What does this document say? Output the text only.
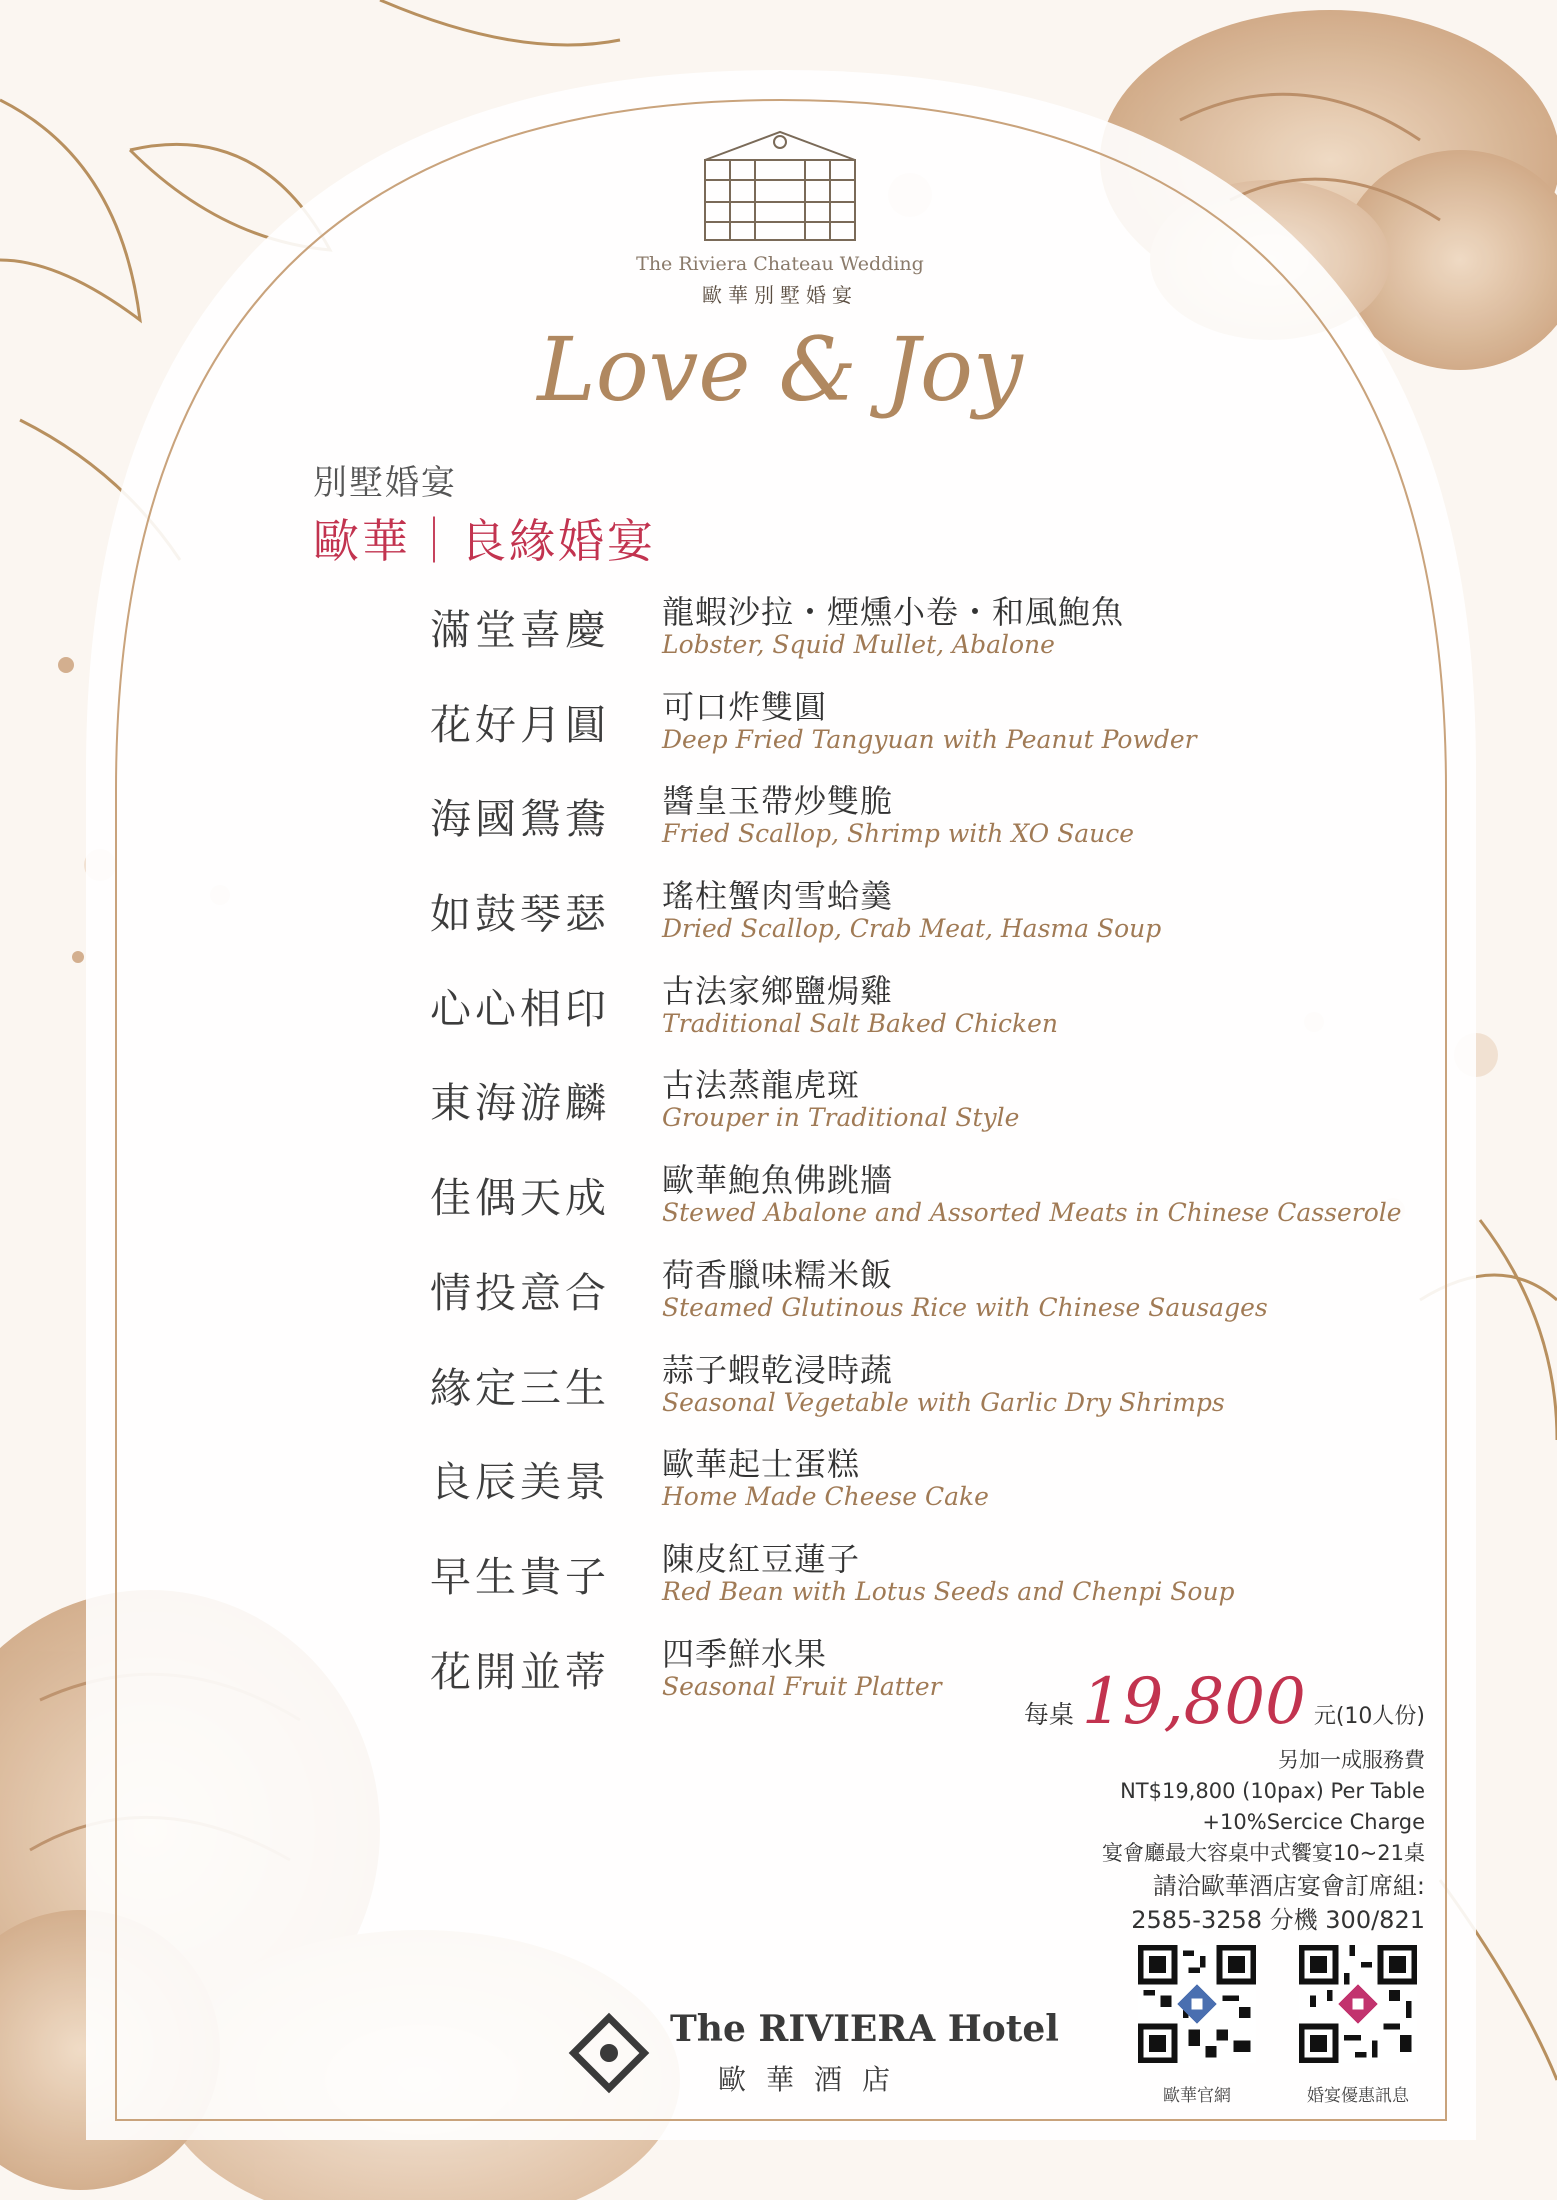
The Riviera Chateau Wedding
歐華別墅婚宴
Love & Joy
別墅婚宴
歐華｜良緣婚宴
滿堂喜慶 龍蝦沙拉・煙燻小卷・和風鮑魚
Lobster, Squid Mullet, Abalone
花好月圓 可口炸雙圓
Deep Fried Tangyuan with Peanut Powder
海國鴛鴦 醬皇玉帶炒雙脆
Fried Scallop, Shrimp with XO Sauce
如鼓琴瑟 瑤柱蟹肉雪蛤羹
Dried Scallop, Crab Meat, Hasma Soup
心心相印 古法家鄉鹽焗雞
Traditional Salt Baked Chicken
東海游麟 古法蒸龍虎斑
Grouper in Traditional Style
佳偶天成 歐華鮑魚佛跳牆
Stewed Abalone and Assorted Meats in Chinese Casserole
情投意合 荷香臘味糯米飯
Steamed Glutinous Rice with Chinese Sausages
緣定三生 蒜子蝦乾浸時蔬
Seasonal Vegetable with Garlic Dry Shrimps
良辰美景 歐華起士蛋糕
Home Made Cheese Cake
早生貴子 陳皮紅豆蓮子
Red Bean with Lotus Seeds and Chenpi Soup
花開並蒂 四季鮮水果
Seasonal Fruit Platter
每桌 19,800 元(10人份)
另加一成服務費
NT$19,800 (10pax) Per Table
+10%Sercice Charge
宴會廳最大容桌中式饗宴10~21桌
請洽歐華酒店宴會訂席組:
2585-3258 分機 300/821
The RIVIERA Hotel
歐華酒店	歐華官網	婚宴優惠訊息
